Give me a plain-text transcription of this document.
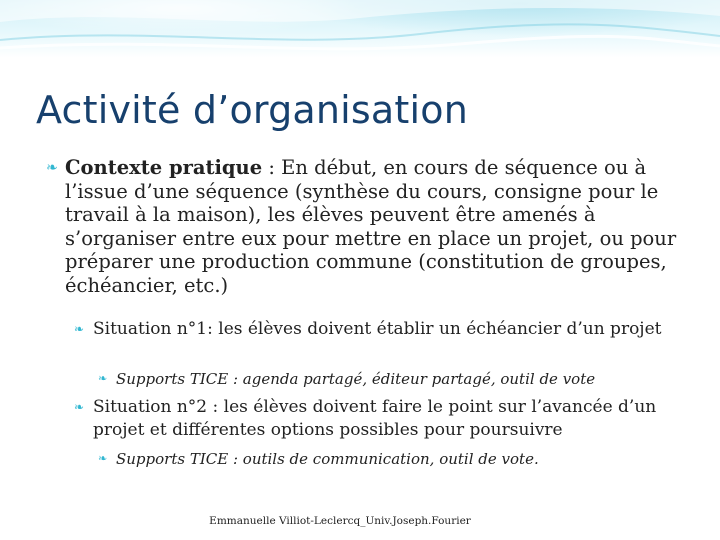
Activité d’organisation
❧ Contexte pratique : En début, en cours de séquence ou à l’issue d’une séquence (synthèse du cours, consigne pour le travail à la maison), les élèves peuvent être amenés à s’organiser entre eux pour mettre en place un projet, ou pour préparer une production commune (constitution de groupes, échéancier, etc.)
❧ Situation n°1: les élèves doivent établir un échéancier d’un projet
❧ Supports TICE : agenda partagé, éditeur partagé, outil de vote
❧ Situation n°2 : les élèves doivent faire le point sur l’avancée d’un projet et différentes options possibles pour poursuivre
❧ Supports TICE : outils de communication, outil de vote.
Emmanuelle Villiot-Leclercq_Univ.Joseph.Fourier
